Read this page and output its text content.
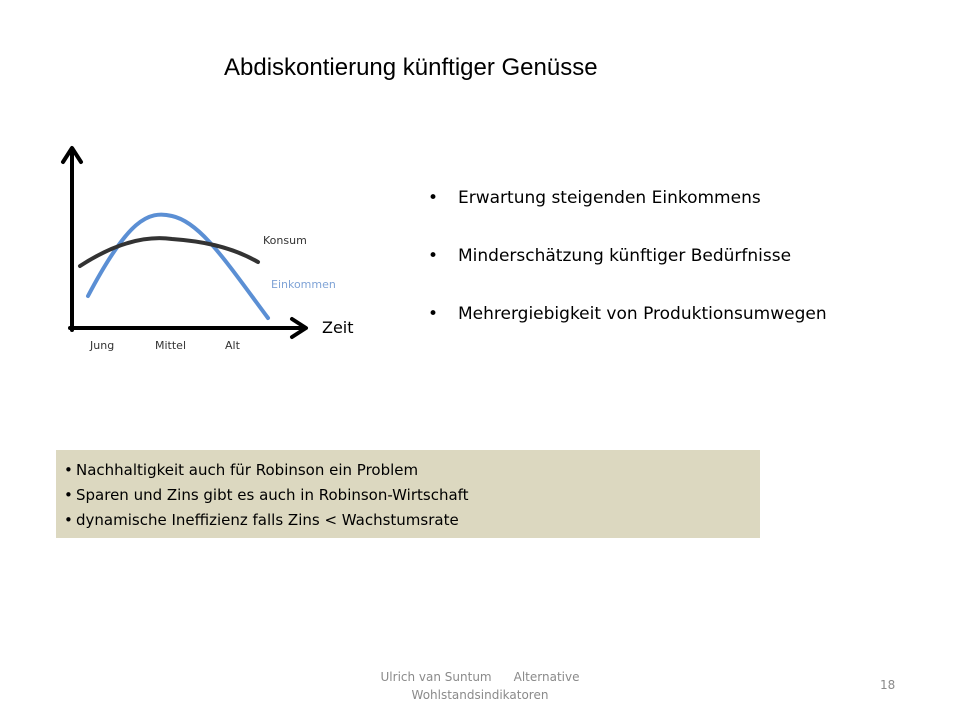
Abdiskontierung künftiger Genüsse
Konsum
Einkommen
Zeit
Jung	Mittel	Alt
• Erwartung steigenden Einkommens
• Minderschätzung künftiger Bedürfnisse
• Mehrergiebigkeit von Produktionsumwegen
• Nachhaltigkeit auch für Robinson ein Problem
• Sparen und Zins gibt es auch in Robinson-Wirtschaft
• dynamische Ineffizienz falls Zins < Wachstumsrate
Ulrich van Suntum Alternative
Wohlstandsindikatoren
18
